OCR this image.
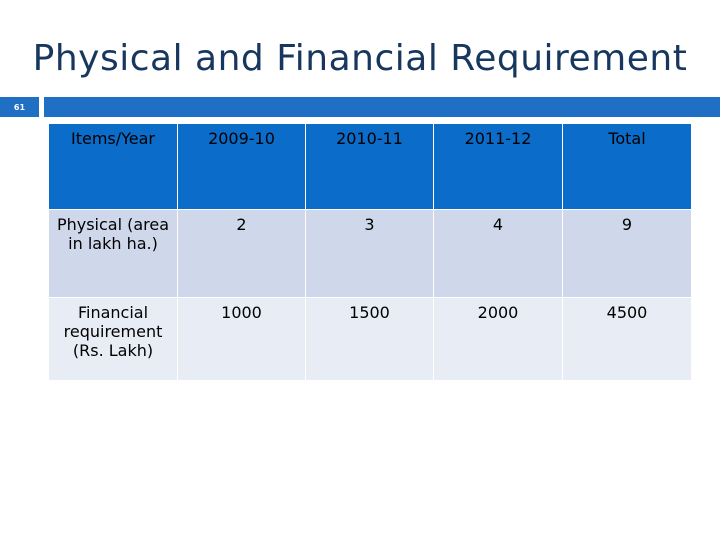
Physical and Financial Requirement
61
Items/Year	2009-10	2010-11	2011-12	Total
Physical (area in lakh ha.)	2	3	4	9
Financial requirement (Rs. Lakh)	1000	1500	2000	4500
